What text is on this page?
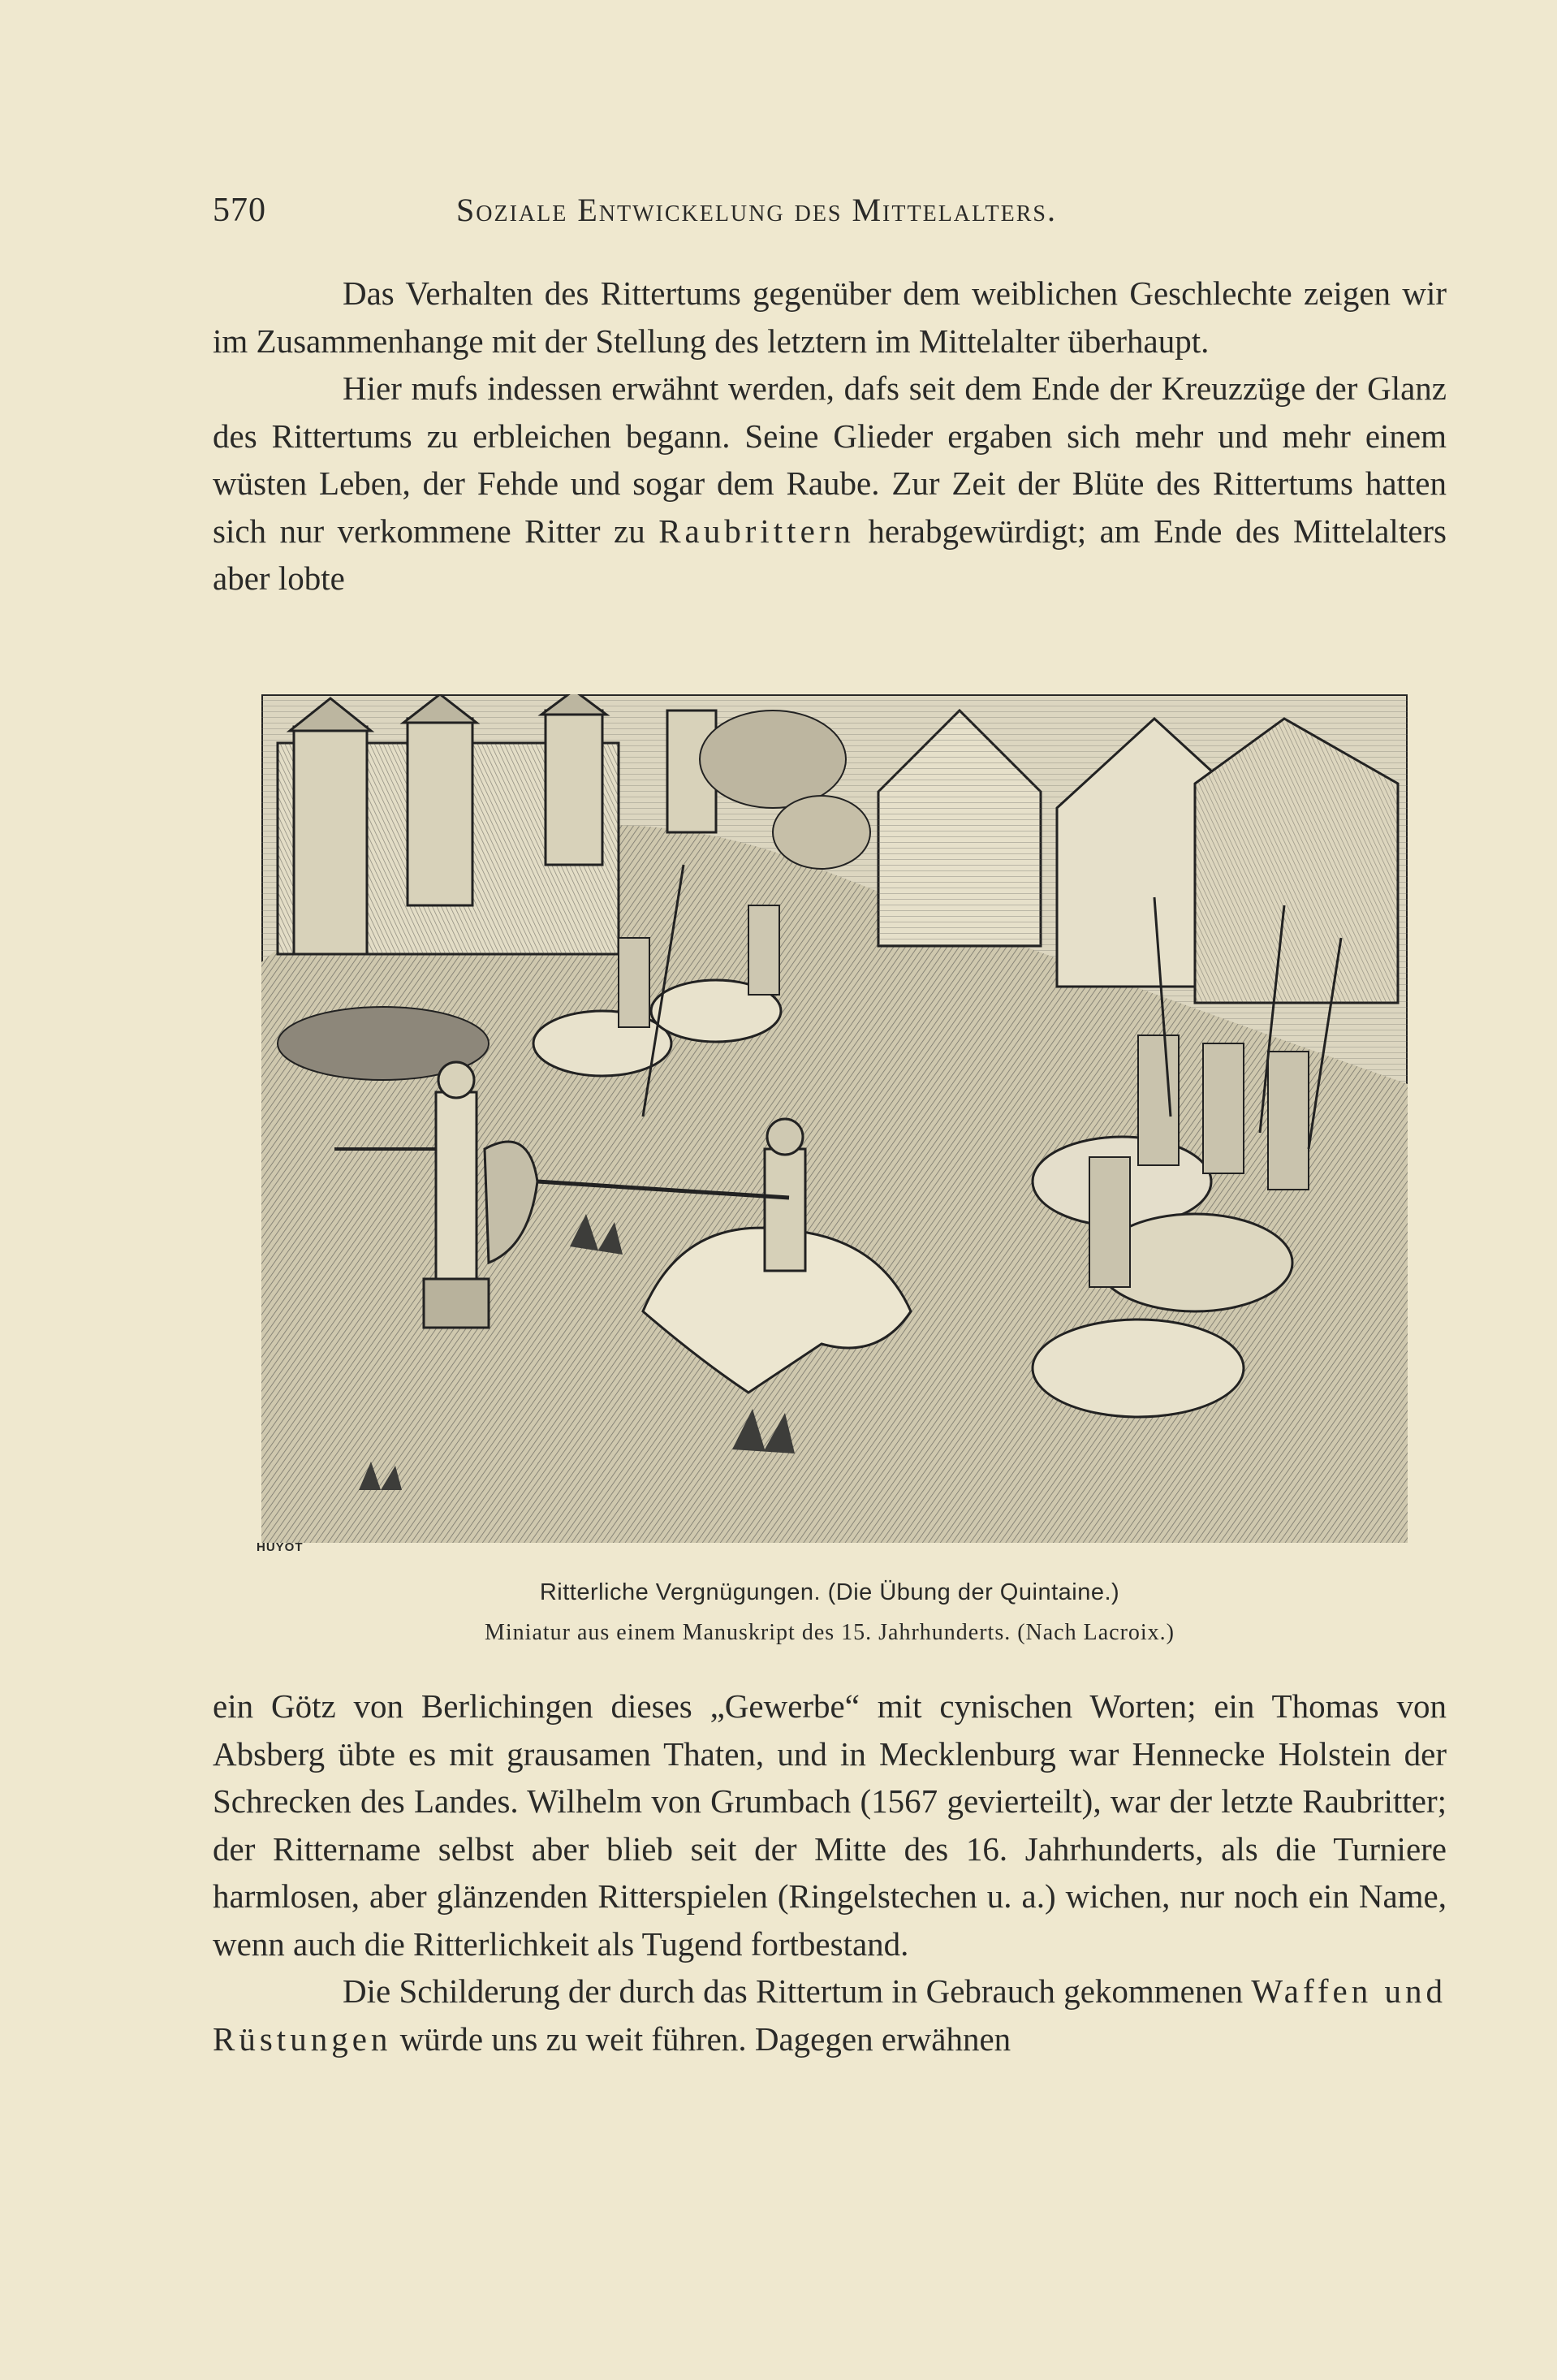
570	Soziale Entwickelung des Mittelalters.

Das Verhalten des Rittertums gegenüber dem weiblichen Geschlechte zeigen wir im Zusammenhange mit der Stellung des letztern im Mittelalter überhaupt.

Hier mufs indessen erwähnt werden, dafs seit dem Ende der Kreuzzüge der Glanz des Rittertums zu erbleichen begann. Seine Glieder ergaben sich mehr und mehr einem wüsten Leben, der Fehde und sogar dem Raube. Zur Zeit der Blüte des Rittertums hatten sich nur verkommene Ritter zu Raubrittern herabgewürdigt; am Ende des Mittelalters aber lobte

HUYOT
Ritterliche Vergnügungen. (Die Übung der Quintaine.)
Miniatur aus einem Manuskript des 15. Jahrhunderts. (Nach Lacroix.)

ein Götz von Berlichingen dieses „Gewerbe“ mit cynischen Worten; ein Thomas von Absberg übte es mit grausamen Thaten, und in Mecklenburg war Hennecke Holstein der Schrecken des Landes. Wilhelm von Grumbach (1567 gevierteilt), war der letzte Raubritter; der Rittername selbst aber blieb seit der Mitte des 16. Jahrhunderts, als die Turniere harmlosen, aber glänzenden Ritterspielen (Ringelstechen u. a.) wichen, nur noch ein Name, wenn auch die Ritterlichkeit als Tugend fortbestand.

Die Schilderung der durch das Rittertum in Gebrauch gekommenen Waffen und Rüstungen würde uns zu weit führen. Dagegen erwähnen
